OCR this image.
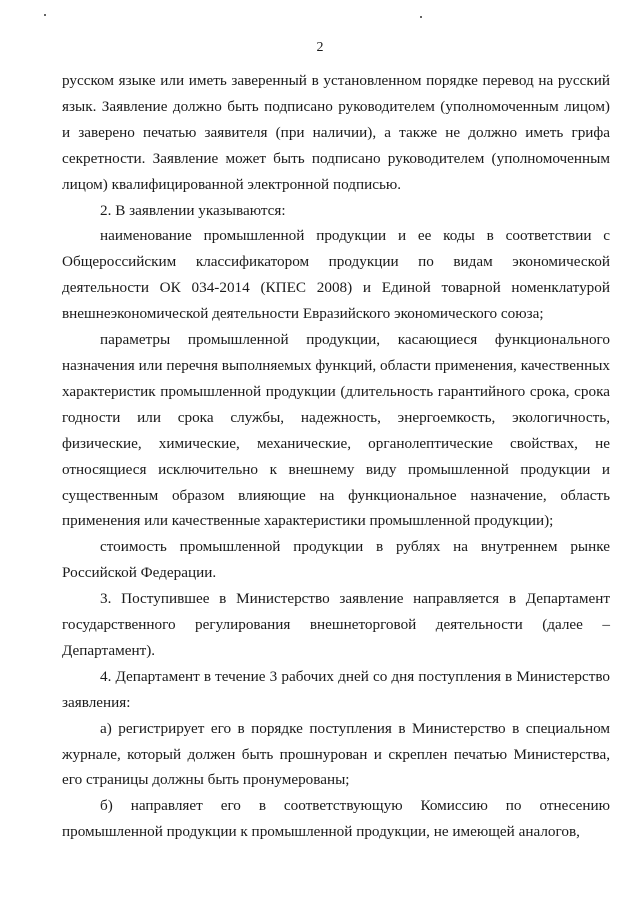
2

русском языке или иметь заверенный в установленном порядке перевод на русский язык. Заявление должно быть подписано руководителем (уполномоченным лицом) и заверено печатью заявителя (при наличии), а также не должно иметь грифа секретности. Заявление может быть подписано руководителем (уполномоченным лицом) квалифицированной электронной подписью.

2. В заявлении указываются:

наименование промышленной продукции и ее коды в соответствии с Общероссийским классификатором продукции по видам экономической деятельности ОК 034-2014 (КПЕС 2008) и Единой товарной номенклатурой внешнеэкономической деятельности Евразийского экономического союза;

параметры промышленной продукции, касающиеся функционального назначения или перечня выполняемых функций, области применения, качественных характеристик промышленной продукции (длительность гарантийного срока, срока годности или срока службы, надежность, энергоемкость, экологичность, физические, химические, механические, органолептические свойствах, не относящиеся исключительно к внешнему виду промышленной продукции и существенным образом влияющие на функциональное назначение, область применения или качественные характеристики промышленной продукции);

стоимость промышленной продукции в рублях на внутреннем рынке Российской Федерации.

3. Поступившее в Министерство заявление направляется в Департамент государственного регулирования внешнеторговой деятельности (далее – Департамент).

4. Департамент в течение 3 рабочих дней со дня поступления в Министерство заявления:

а) регистрирует его в порядке поступления в Министерство в специальном журнале, который должен быть прошнурован и скреплен печатью Министерства, его страницы должны быть пронумерованы;

б) направляет его в соответствующую Комиссию по отнесению промышленной продукции к промышленной продукции, не имеющей аналогов,
